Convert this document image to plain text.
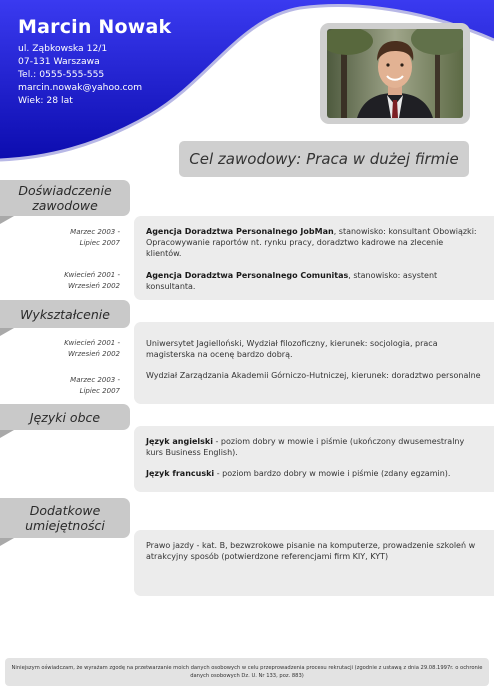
Marcin Nowak
ul. Ząbkowska 12/1
07-131 Warszawa
Tel.: 0555-555-555
marcin.nowak@yahoo.com
Wiek: 28 lat
Cel zawodowy: Praca w dużej firmie
Doświadczenie
zawodowe
Marzec 2003 -
Lipiec 2007
Agencja Doradztwa Personalnego JobMan, stanowisko: konsultant Obowiązki: Opracowywanie raportów nt. rynku pracy, doradztwo kadrowe na zlecenie klientów.
Kwiecień 2001 -
Wrzesień 2002
Agencja Doradztwa Personalnego Comunitas, stanowisko: asystent konsultanta.
Wykształcenie
Kwiecień 2001 -
Wrzesień 2002
Uniwersytet Jagielloński, Wydział filozoficzny, kierunek: socjologia, praca magisterska na ocenę bardzo dobrą.
Marzec 2003 -
Lipiec 2007
Wydział Zarządzania Akademii Górniczo-Hutniczej, kierunek: doradztwo personalne
Języki obce
Język angielski - poziom dobry w mowie i piśmie (ukończony dwusemestralny kurs Business English).
Język francuski - poziom bardzo dobry w mowie i piśmie (zdany egzamin).
Dodatkowe
umiejętności
Prawo jazdy - kat. B, bezwzrokowe pisanie na komputerze, prowadzenie szkoleń w atrakcyjny sposób (potwierdzone referencjami firm KIY, KYT)
Niniejszym oświadczam, że wyrażam zgodę na przetwarzanie moich danych osobowych w celu przeprowadzenia procesu rekrutacji (zgodnie z ustawą z dnia 29.08.1997r. o ochronie danych osobowych Dz. U. Nr 133, poz. 883)
